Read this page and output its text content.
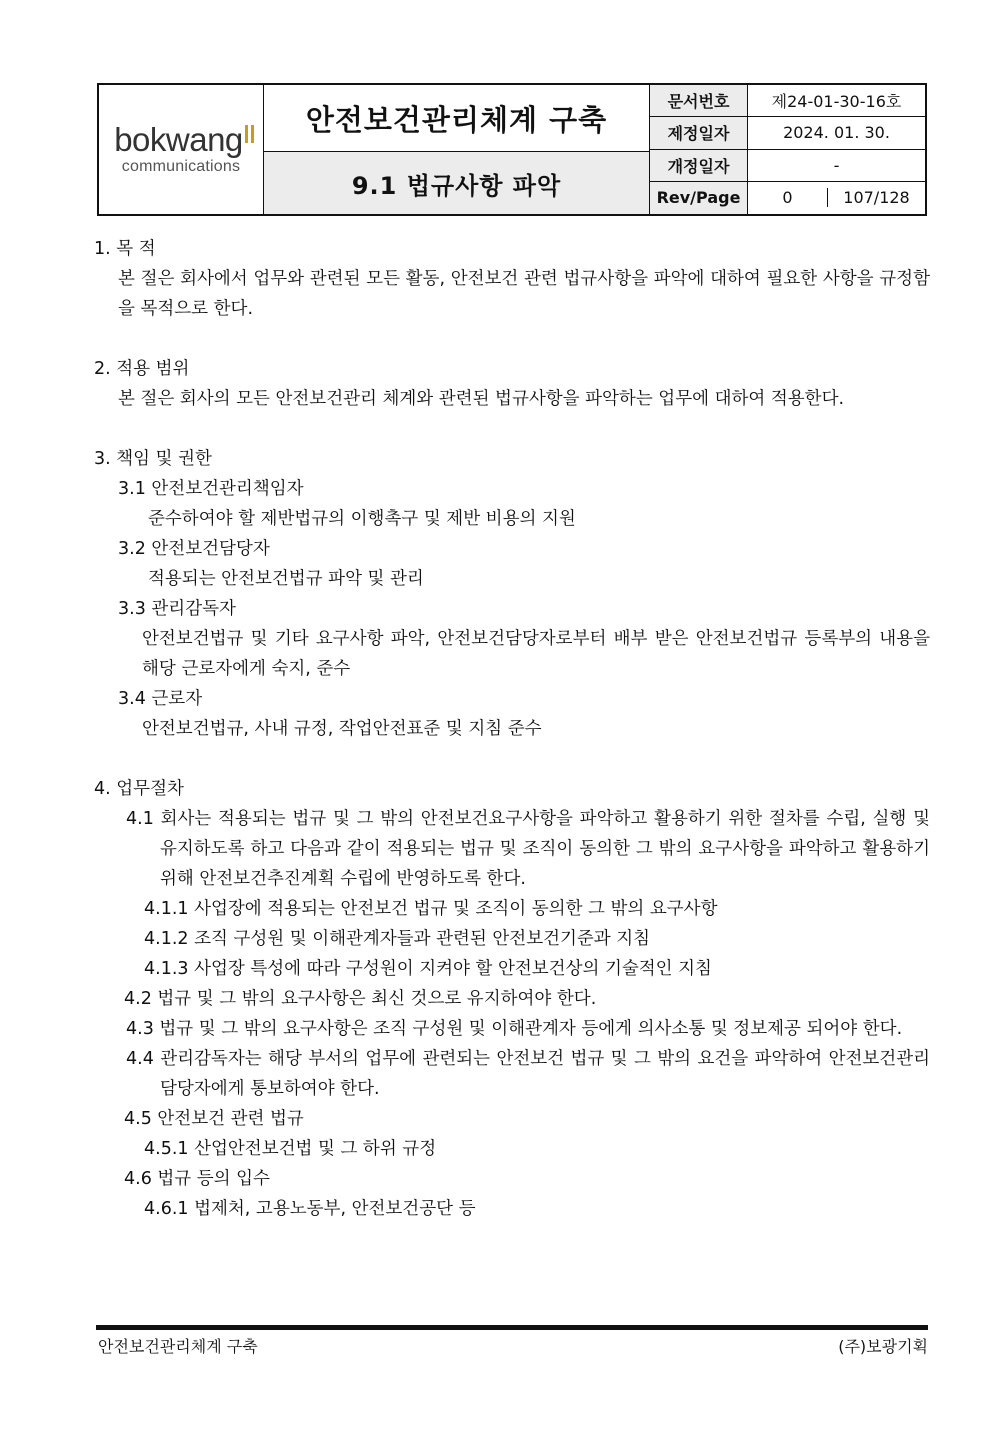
bokwang
communications
안전보건관리체계 구축
문서번호	제24-01-30-16호
제정일자	2024. 01. 30.
개정일자	-
Rev/Page	0	107/128
9.1 법규사항 파악
1. 목 적
본 절은 회사에서 업무와 관련된 모든 활동, 안전보건 관련 법규사항을 파악에 대하여 필요한 사항을 규정함을 목적으로 한다.
2. 적용 범위
본 절은 회사의 모든 안전보건관리 체계와 관련된 법규사항을 파악하는 업무에 대하여 적용한다.
3. 책임 및 권한
3.1 안전보건관리책임자
준수하여야 할 제반법규의 이행촉구 및 제반 비용의 지원
3.2 안전보건담당자
적용되는 안전보건법규 파악 및 관리
3.3 관리감독자
안전보건법규 및 기타 요구사항 파악, 안전보건담당자로부터 배부 받은 안전보건법규 등록부의 내용을 해당 근로자에게 숙지, 준수
3.4 근로자
안전보건법규, 사내 규정, 작업안전표준 및 지침 준수
4. 업무절차
4.1 회사는 적용되는 법규 및 그 밖의 안전보건요구사항을 파악하고 활용하기 위한 절차를 수립, 실행 및 유지하도록 하고 다음과 같이 적용되는 법규 및 조직이 동의한 그 밖의 요구사항을 파악하고 활용하기 위해 안전보건추진계획 수립에 반영하도록 한다.
4.1.1 사업장에 적용되는 안전보건 법규 및 조직이 동의한 그 밖의 요구사항
4.1.2 조직 구성원 및 이해관계자들과 관련된 안전보건기준과 지침
4.1.3 사업장 특성에 따라 구성원이 지켜야 할 안전보건상의 기술적인 지침
4.2 법규 및 그 밖의 요구사항은 최신 것으로 유지하여야 한다.
4.3 법규 및 그 밖의 요구사항은 조직 구성원 및 이해관계자 등에게 의사소통 및 정보제공 되어야 한다.
4.4 관리감독자는 해당 부서의 업무에 관련되는 안전보건 법규 및 그 밖의 요건을 파악하여 안전보건관리담당자에게 통보하여야 한다.
4.5 안전보건 관련 법규
4.5.1 산업안전보건법 및 그 하위 규정
4.6 법규 등의 입수
4.6.1 법제처, 고용노동부, 안전보건공단 등
안전보건관리체계 구축	(주)보광기획
